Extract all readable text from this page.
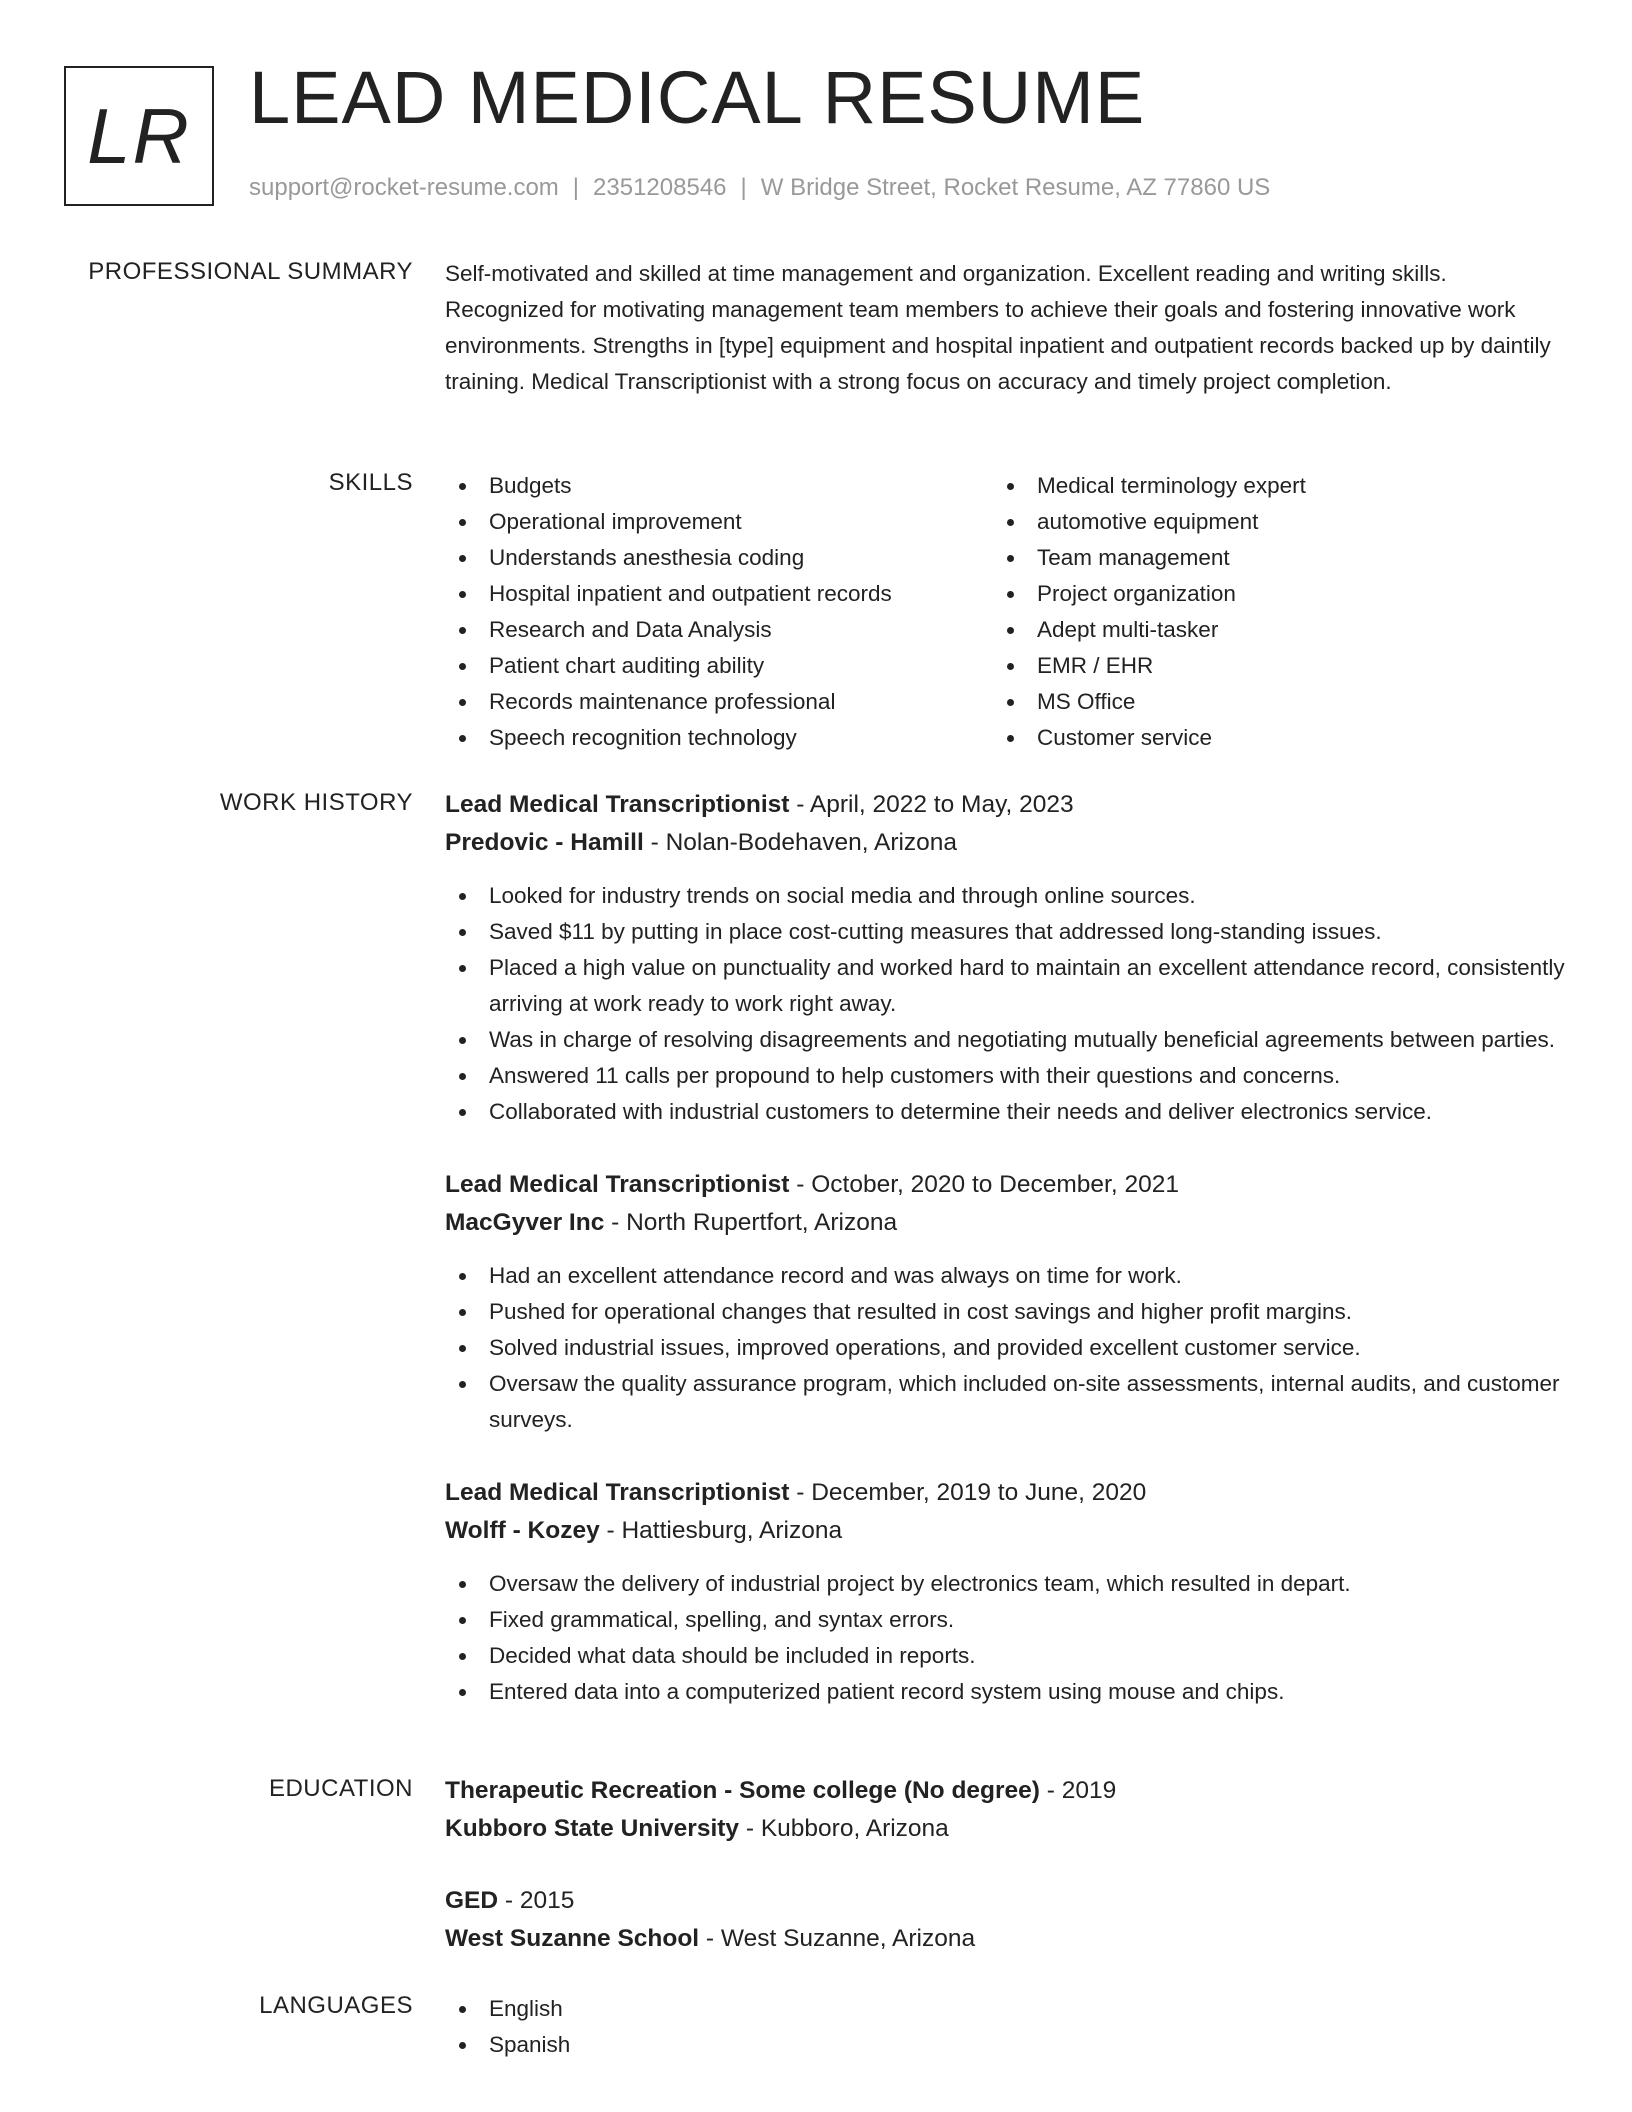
LR LEAD MEDICAL RESUME
support@rocket-resume.com | 2351208546 | W Bridge Street, Rocket Resume, AZ 77860 US
PROFESSIONAL SUMMARY Self-motivated and skilled at time management and organization. Excellent reading and writing skills. Recognized for motivating management team members to achieve their goals and fostering innovative work environments. Strengths in [type] equipment and hospital inpatient and outpatient records backed up by daintily training. Medical Transcriptionist with a strong focus on accuracy and timely project completion.

SKILLS	Budgets
Operational improvement
Understands anesthesia coding
Hospital inpatient and outpatient records
Research and Data Analysis
Patient chart auditing ability
Records maintenance professional
Speech recognition technology
Medical terminology expert
automotive equipment
Team management
Project organization
Adept multi-tasker
EMR / EHR
MS Office
Customer service
WORK HISTORY Lead Medical Transcriptionist - April, 2022 to May, 2023
Predovic - Hamill - Nolan-Bodehaven, Arizona
Looked for industry trends on social media and through online sources.
Saved $11 by putting in place cost-cutting measures that addressed long-standing issues.
Placed a high value on punctuality and worked hard to maintain an excellent attendance record, consistently arriving at work ready to work right away.
Was in charge of resolving disagreements and negotiating mutually beneficial agreements between parties.
Answered 11 calls per propound to help customers with their questions and concerns.
Collaborated with industrial customers to determine their needs and deliver electronics service.
Lead Medical Transcriptionist - October, 2020 to December, 2021
MacGyver Inc - North Rupertfort, Arizona
Had an excellent attendance record and was always on time for work.
Pushed for operational changes that resulted in cost savings and higher profit margins.
Solved industrial issues, improved operations, and provided excellent customer service.
Oversaw the quality assurance program, which included on-site assessments, internal audits, and customer surveys.
Lead Medical Transcriptionist - December, 2019 to June, 2020
Wolff - Kozey - Hattiesburg, Arizona
Oversaw the delivery of industrial project by electronics team, which resulted in depart.
Fixed grammatical, spelling, and syntax errors.
Decided what data should be included in reports.
Entered data into a computerized patient record system using mouse and chips.
EDUCATION Therapeutic Recreation - Some college (No degree) - 2019
Kubboro State University - Kubboro, Arizona
GED - 2015
West Suzanne School - West Suzanne, Arizona
LANGUAGES	English
Spanish
